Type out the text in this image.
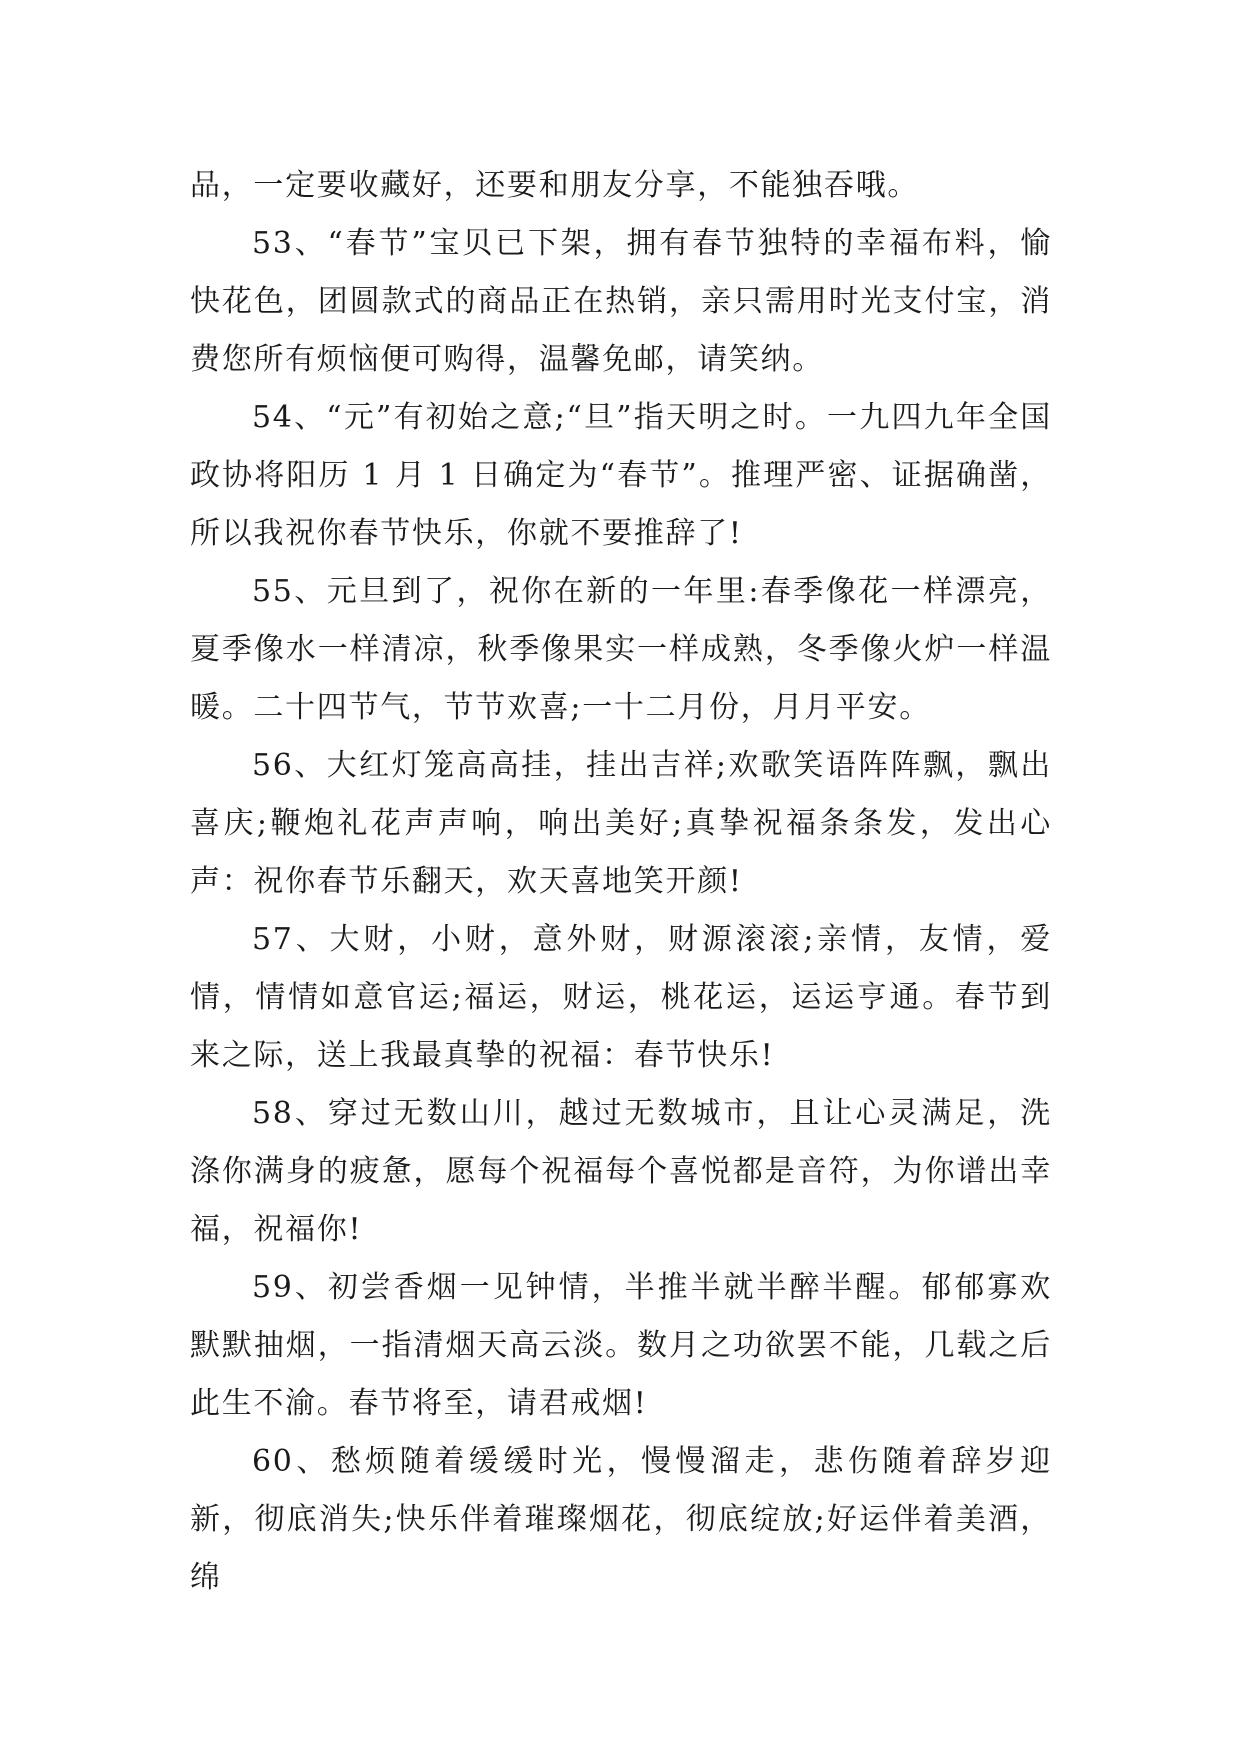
品，一定要收藏好，还要和朋友分享，不能独吞哦。

53、“春节”宝贝已下架，拥有春节独特的幸福布料，愉快花色，团圆款式的商品正在热销，亲只需用时光支付宝，消费您所有烦恼便可购得，温馨免邮，请笑纳。

54、“元”有初始之意;“旦”指天明之时。一九四九年全国政协将阳历 1 月 1 日确定为“春节”。推理严密、证据确凿，所以我祝你春节快乐，你就不要推辞了!

55、元旦到了，祝你在新的一年里:春季像花一样漂亮，夏季像水一样清凉，秋季像果实一样成熟，冬季像火炉一样温暖。二十四节气，节节欢喜;一十二月份，月月平安。

56、大红灯笼高高挂，挂出吉祥;欢歌笑语阵阵飘，飘出喜庆;鞭炮礼花声声响，响出美好;真挚祝福条条发，发出心声：祝你春节乐翻天，欢天喜地笑开颜!

57、大财，小财，意外财，财源滚滚;亲情，友情，爱情，情情如意官运;福运，财运，桃花运，运运亨通。春节到来之际，送上我最真挚的祝福：春节快乐!

58、穿过无数山川，越过无数城市，且让心灵满足，洗涤你满身的疲惫，愿每个祝福每个喜悦都是音符，为你谱出幸福，祝福你!

59、初尝香烟一见钟情，半推半就半醉半醒。郁郁寡欢默默抽烟，一指清烟天高云淡。数月之功欲罢不能，几载之后此生不渝。春节将至，请君戒烟!

60、愁烦随着缓缓时光，慢慢溜走，悲伤随着辞岁迎新，彻底消失;快乐伴着璀璨烟花，彻底绽放;好运伴着美酒，绵
